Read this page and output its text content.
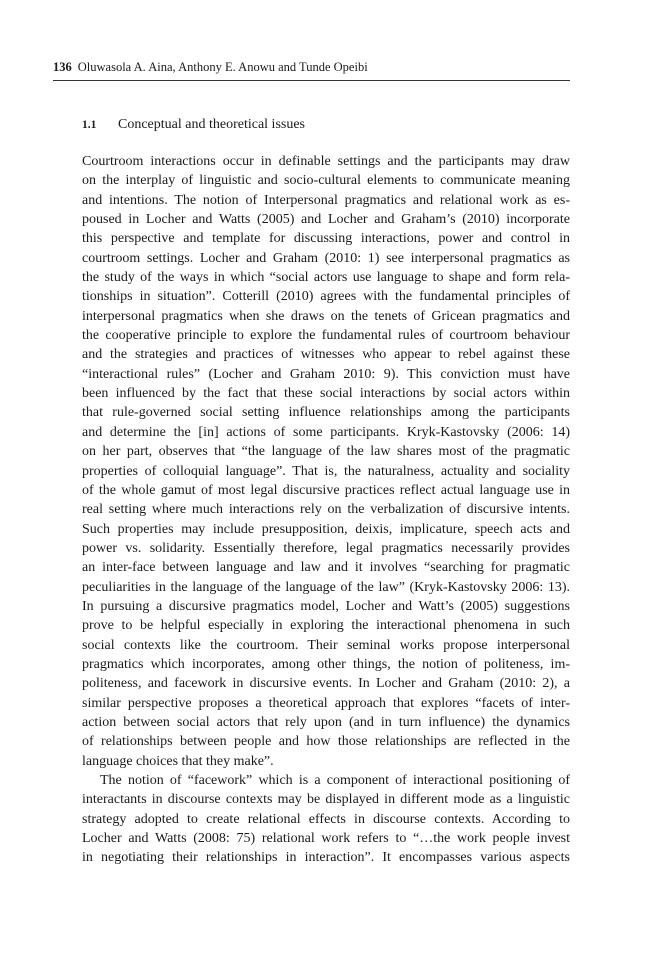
136 Oluwasola A. Aina, Anthony E. Anowu and Tunde Opeibi
1.1 Conceptual and theoretical issues
Courtroom interactions occur in definable settings and the participants may draw
on the interplay of linguistic and socio-cultural elements to communicate meaning
and intentions. The notion of Interpersonal pragmatics and relational work as es-
poused in Locher and Watts (2005) and Locher and Graham’s (2010) incorporate
this perspective and template for discussing interactions, power and control in
courtroom settings. Locher and Graham (2010: 1) see interpersonal pragmatics as
the study of the ways in which “social actors use language to shape and form rela-
tionships in situation”. Cotterill (2010) agrees with the fundamental principles of
interpersonal pragmatics when she draws on the tenets of Gricean pragmatics and
the cooperative principle to explore the fundamental rules of courtroom behaviour
and the strategies and practices of witnesses who appear to rebel against these
“interactional rules” (Locher and Graham 2010: 9). This conviction must have
been influenced by the fact that these social interactions by social actors within
that rule-governed social setting influence relationships among the participants
and determine the [in] actions of some participants. Kryk-Kastovsky (2006: 14)
on her part, observes that “the language of the law shares most of the pragmatic
properties of colloquial language”. That is, the naturalness, actuality and sociality
of the whole gamut of most legal discursive practices reflect actual language use in
real setting where much interactions rely on the verbalization of discursive intents.
Such properties may include presupposition, deixis, implicature, speech acts and
power vs. solidarity. Essentially therefore, legal pragmatics necessarily provides
an inter-face between language and law and it involves “searching for pragmatic
peculiarities in the language of the language of the law” (Kryk-Kastovsky 2006: 13).
In pursuing a discursive pragmatics model, Locher and Watt’s (2005) suggestions
prove to be helpful especially in exploring the interactional phenomena in such
social contexts like the courtroom. Their seminal works propose interpersonal
pragmatics which incorporates, among other things, the notion of politeness, im-
politeness, and facework in discursive events. In Locher and Graham (2010: 2), a
similar perspective proposes a theoretical approach that explores “facets of inter-
action between social actors that rely upon (and in turn influence) the dynamics
of relationships between people and how those relationships are reflected in the
language choices that they make”.
The notion of “facework” which is a component of interactional positioning of
interactants in discourse contexts may be displayed in different mode as a linguistic
strategy adopted to create relational effects in discourse contexts. According to
Locher and Watts (2008: 75) relational work refers to “…the work people invest
in negotiating their relationships in interaction”. It encompasses various aspects
